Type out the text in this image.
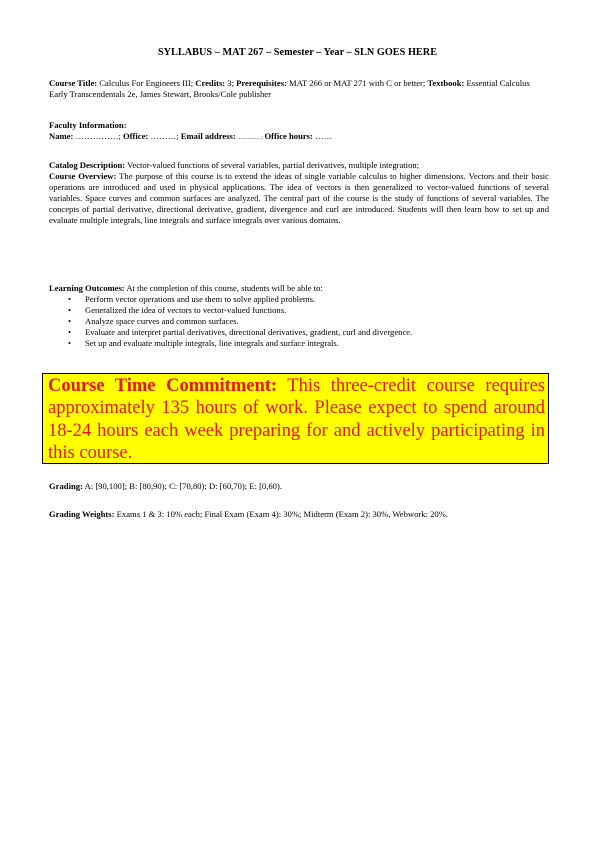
SYLLABUS – MAT 267 – Semester – Year – SLN GOES HERE
Course Title: Calculus For Engineers III; Credits: 3; Prerequisites: MAT 266 or MAT 271 with C or better; Textbook: Essential Calculus Early Transcendentals 2e, James Stewart, Brooks/Cole publisher
Faculty Information:
Name: ……………; Office: ………; Email address: ............... ; Office hours: ……
Catalog Description: Vector-valued functions of several variables, partial derivatives, multiple integration;
Course Overview: The purpose of this course is to extend the ideas of single variable calculus to higher dimensions. Vectors and their basic operations are introduced and used in physical applications. The idea of vectors is then generalized to vector-valued functions of several variables. Space curves and common surfaces are analyzed. The central part of the course is the study of functions of several variables. The concepts of partial derivative, directional derivative, gradient, divergence and curl are introduced. Students will then learn how to set up and evaluate multiple integrals, line integrals and surface integrals over various domains.
Learning Outcomes: At the completion of this course, students will be able to:
• Perform vector operations and use them to solve applied problems.
• Generalized the idea of vectors to vector-valued functions.
• Analyze space curves and common surfaces.
• Evaluate and interpret partial derivatives, directional derivatives, gradient, curl and divergence.
• Set up and evaluate multiple integrals, line integrals and surface integrals.
Course Time Commitment: This three-credit course requires approximately 135 hours of work. Please expect to spend around 18-24 hours each week preparing for and actively participating in this course.
Grading: A: [90,100]; B: [80,90); C: [70,80); D: [60,70); E: [0,60).
Grading Weights: Exams 1 & 3: 10% each; Final Exam (Exam 4): 30%; Midterm (Exam 2): 30%, Webwork: 20%.
